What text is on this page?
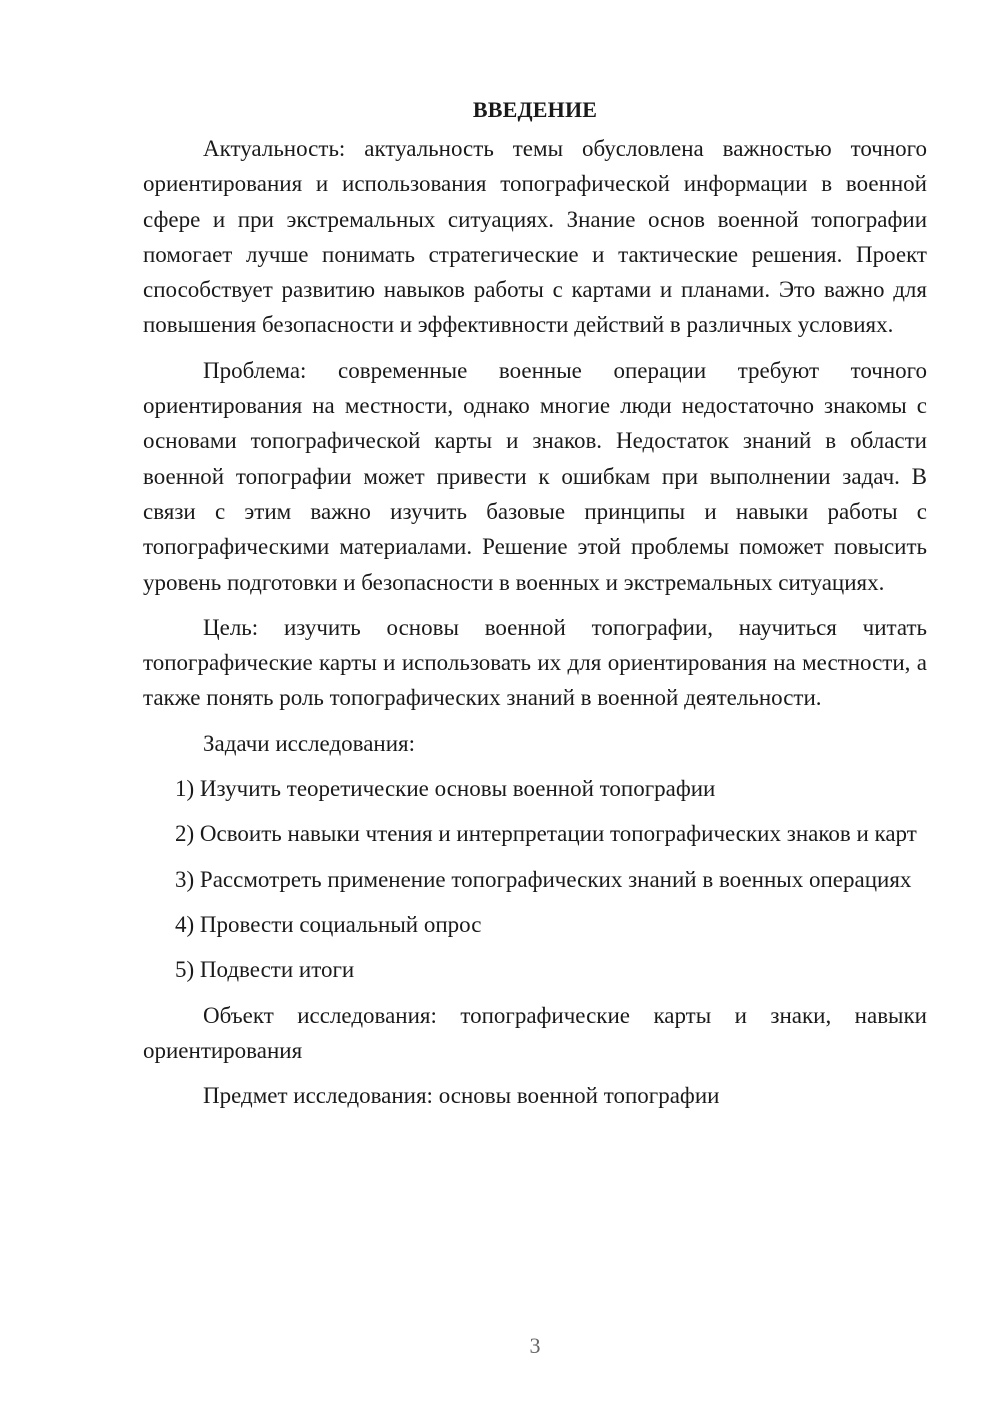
ВВЕДЕНИЕ

Актуальность: актуальность темы обусловлена важностью точного ориентирования и использования топографической информации в военной сфере и при экстремальных ситуациях. Знание основ военной топографии помогает лучше понимать стратегические и тактические решения. Проект способствует развитию навыков работы с картами и планами. Это важно для повышения безопасности и эффективности действий в различных условиях.

Проблема: современные военные операции требуют точного ориентирования на местности, однако многие люди недостаточно знакомы с основами топографической карты и знаков. Недостаток знаний в области военной топографии может привести к ошибкам при выполнении задач. В связи с этим важно изучить базовые принципы и навыки работы с топографическими материалами. Решение этой проблемы поможет повысить уровень подготовки и безопасности в военных и экстремальных ситуациях.

Цель: изучить основы военной топографии, научиться читать топографические карты и использовать их для ориентирования на местности, а также понять роль топографических знаний в военной деятельности.

Задачи исследования:

1) Изучить теоретические основы военной топографии

2) Освоить навыки чтения и интерпретации топографических знаков и карт

3) Рассмотреть применение топографических знаний в военных операциях

4) Провести социальный опрос

5) Подвести итоги

Объект исследования: топографические карты и знаки, навыки ориентирования

Предмет исследования: основы военной топографии

3
